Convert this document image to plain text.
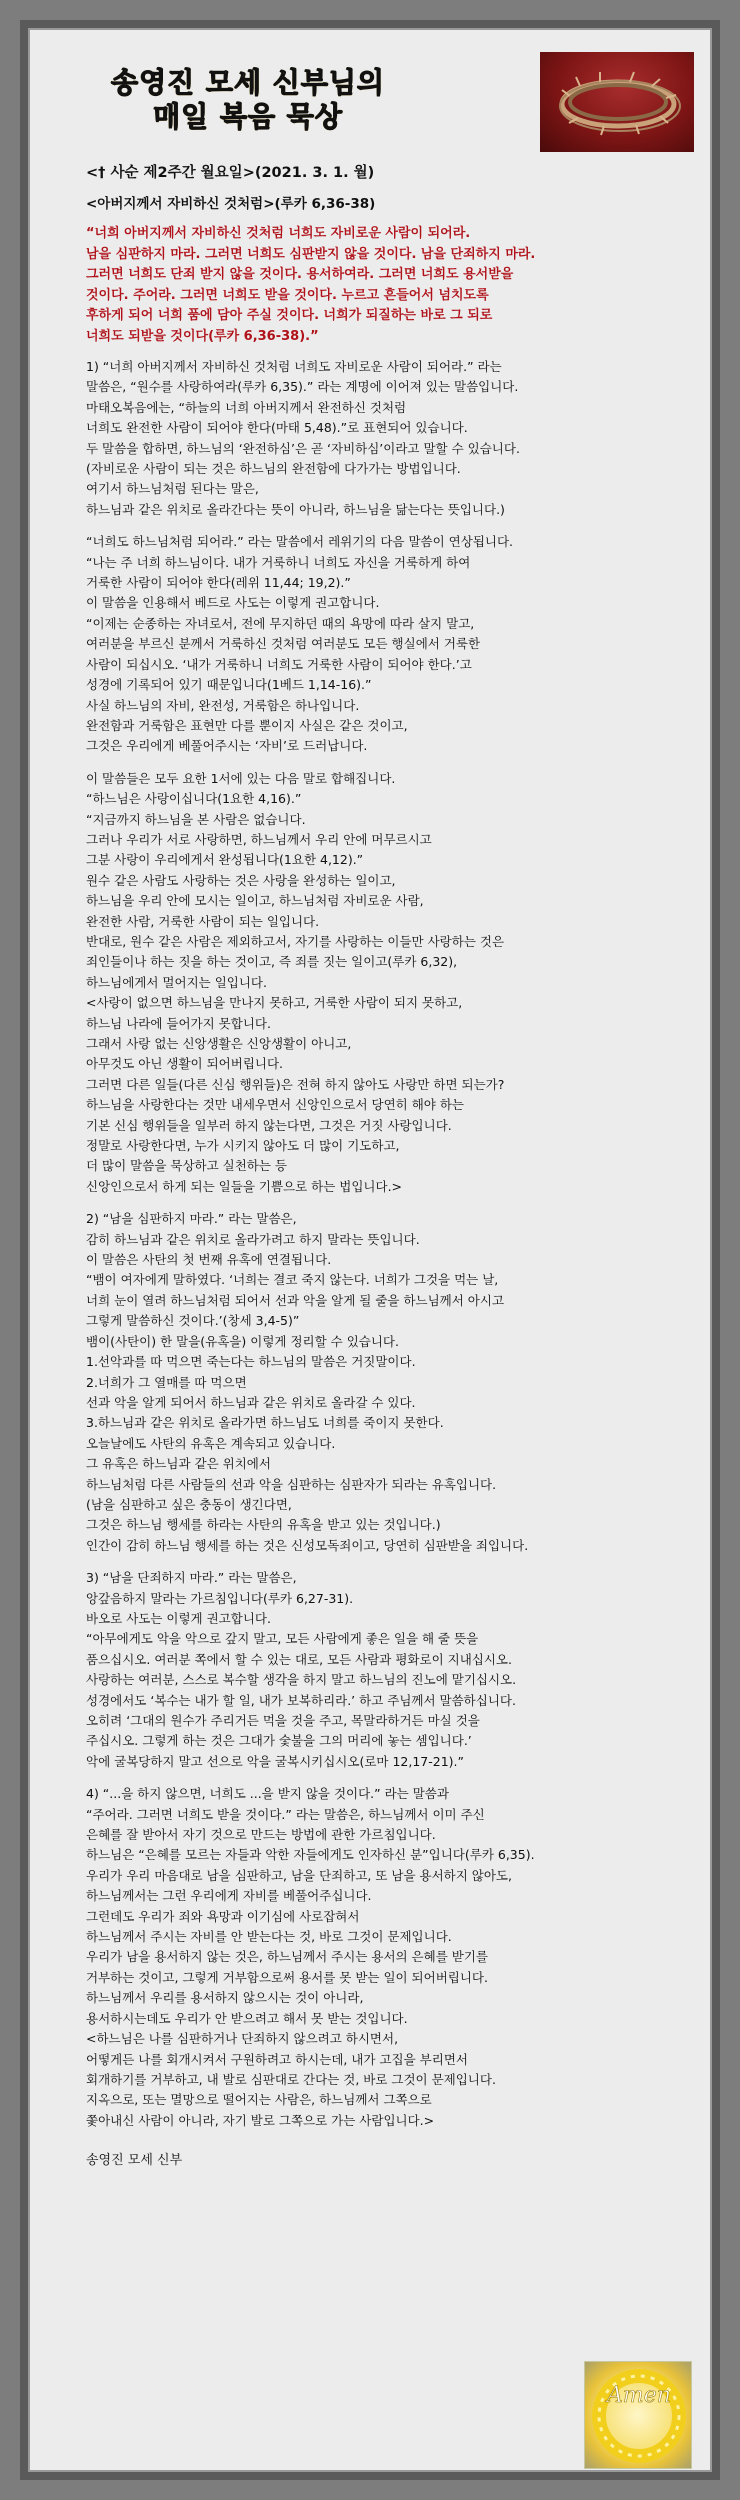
송영진 모세 신부님의
매일 복음 묵상
<† 사순 제2주간 월요일>(2021. 3. 1. 월)
<아버지께서 자비하신 것처럼>(루카 6,36-38)
“너희 아버지께서 자비하신 것처럼 너희도 자비로운 사람이 되어라.
남을 심판하지 마라. 그러면 너희도 심판받지 않을 것이다. 남을 단죄하지 마라.
그러면 너희도 단죄 받지 않을 것이다. 용서하여라. 그러면 너희도 용서받을
것이다. 주어라. 그러면 너희도 받을 것이다. 누르고 흔들어서 넘치도록
후하게 되어 너희 품에 담아 주실 것이다. 너희가 되질하는 바로 그 되로
너희도 되받을 것이다(루카 6,36-38).”
1) “너희 아버지께서 자비하신 것처럼 너희도 자비로운 사람이 되어라.” 라는
말씀은, “원수를 사랑하여라(루카 6,35).” 라는 계명에 이어져 있는 말씀입니다.
마태오복음에는, “하늘의 너희 아버지께서 완전하신 것처럼
너희도 완전한 사람이 되어야 한다(마태 5,48).”로 표현되어 있습니다.
두 말씀을 합하면, 하느님의 ‘완전하심’은 곧 ‘자비하심’이라고 말할 수 있습니다.
(자비로운 사람이 되는 것은 하느님의 완전함에 다가가는 방법입니다.
여기서 하느님처럼 된다는 말은,
하느님과 같은 위치로 올라간다는 뜻이 아니라, 하느님을 닮는다는 뜻입니다.)
“너희도 하느님처럼 되어라.” 라는 말씀에서 레위기의 다음 말씀이 연상됩니다.
“나는 주 너희 하느님이다. 내가 거룩하니 너희도 자신을 거룩하게 하여
거룩한 사람이 되어야 한다(레위 11,44; 19,2).”
이 말씀을 인용해서 베드로 사도는 이렇게 권고합니다.
“이제는 순종하는 자녀로서, 전에 무지하던 때의 욕망에 따라 살지 말고,
여러분을 부르신 분께서 거룩하신 것처럼 여러분도 모든 행실에서 거룩한
사람이 되십시오. ‘내가 거룩하니 너희도 거룩한 사람이 되어야 한다.’고
성경에 기록되어 있기 때문입니다(1베드 1,14-16).”
사실 하느님의 자비, 완전성, 거룩함은 하나입니다.
완전함과 거룩함은 표현만 다를 뿐이지 사실은 같은 것이고,
그것은 우리에게 베풀어주시는 ‘자비’로 드러납니다.
이 말씀들은 모두 요한 1서에 있는 다음 말로 합해집니다.
“하느님은 사랑이십니다(1요한 4,16).”
“지금까지 하느님을 본 사람은 없습니다.
그러나 우리가 서로 사랑하면, 하느님께서 우리 안에 머무르시고
그분 사랑이 우리에게서 완성됩니다(1요한 4,12).”
원수 같은 사람도 사랑하는 것은 사랑을 완성하는 일이고,
하느님을 우리 안에 모시는 일이고, 하느님처럼 자비로운 사람,
완전한 사람, 거룩한 사람이 되는 일입니다.
반대로, 원수 같은 사람은 제외하고서, 자기를 사랑하는 이들만 사랑하는 것은
죄인들이나 하는 짓을 하는 것이고, 즉 죄를 짓는 일이고(루카 6,32),
하느님에게서 멀어지는 일입니다.
<사랑이 없으면 하느님을 만나지 못하고, 거룩한 사람이 되지 못하고,
하느님 나라에 들어가지 못합니다.
그래서 사랑 없는 신앙생활은 신앙생활이 아니고,
아무것도 아닌 생활이 되어버립니다.
그러면 다른 일들(다른 신심 행위들)은 전혀 하지 않아도 사랑만 하면 되는가?
하느님을 사랑한다는 것만 내세우면서 신앙인으로서 당연히 해야 하는
기본 신심 행위들을 일부러 하지 않는다면, 그것은 거짓 사랑입니다.
정말로 사랑한다면, 누가 시키지 않아도 더 많이 기도하고,
더 많이 말씀을 묵상하고 실천하는 등
신앙인으로서 하게 되는 일들을 기쁨으로 하는 법입니다.>
2) “남을 심판하지 마라.” 라는 말씀은,
감히 하느님과 같은 위치로 올라가려고 하지 말라는 뜻입니다.
이 말씀은 사탄의 첫 번째 유혹에 연결됩니다.
“뱀이 여자에게 말하였다. ‘너희는 결코 죽지 않는다. 너희가 그것을 먹는 날,
너희 눈이 열려 하느님처럼 되어서 선과 악을 알게 될 줄을 하느님께서 아시고
그렇게 말씀하신 것이다.’(창세 3,4-5)”
뱀이(사탄이) 한 말을(유혹을) 이렇게 정리할 수 있습니다.
1.선악과를 따 먹으면 죽는다는 하느님의 말씀은 거짓말이다.
2.너희가 그 열매를 따 먹으면
선과 악을 알게 되어서 하느님과 같은 위치로 올라갈 수 있다.
3.하느님과 같은 위치로 올라가면 하느님도 너희를 죽이지 못한다.
오늘날에도 사탄의 유혹은 계속되고 있습니다.
그 유혹은 하느님과 같은 위치에서
하느님처럼 다른 사람들의 선과 악을 심판하는 심판자가 되라는 유혹입니다.
(남을 심판하고 싶은 충동이 생긴다면,
그것은 하느님 행세를 하라는 사탄의 유혹을 받고 있는 것입니다.)
인간이 감히 하느님 행세를 하는 것은 신성모독죄이고, 당연히 심판받을 죄입니다.
3) “남을 단죄하지 마라.” 라는 말씀은,
앙갚음하지 말라는 가르침입니다(루카 6,27-31).
바오로 사도는 이렇게 권고합니다.
“아무에게도 악을 악으로 갚지 말고, 모든 사람에게 좋은 일을 해 줄 뜻을
품으십시오. 여러분 쪽에서 할 수 있는 대로, 모든 사람과 평화로이 지내십시오.
사랑하는 여러분, 스스로 복수할 생각을 하지 말고 하느님의 진노에 맡기십시오.
성경에서도 ‘복수는 내가 할 일, 내가 보복하리라.’ 하고 주님께서 말씀하십니다.
오히려 ‘그대의 원수가 주리거든 먹을 것을 주고, 목말라하거든 마실 것을
주십시오. 그렇게 하는 것은 그대가 숯불을 그의 머리에 놓는 셈입니다.’
악에 굴복당하지 말고 선으로 악을 굴복시키십시오(로마 12,17-21).”
4) “...을 하지 않으면, 너희도 ...을 받지 않을 것이다.” 라는 말씀과
“주어라. 그러면 너희도 받을 것이다.” 라는 말씀은, 하느님께서 이미 주신
은혜를 잘 받아서 자기 것으로 만드는 방법에 관한 가르침입니다.
하느님은 “은혜를 모르는 자들과 악한 자들에게도 인자하신 분”입니다(루카 6,35).
우리가 우리 마음대로 남을 심판하고, 남을 단죄하고, 또 남을 용서하지 않아도,
하느님께서는 그런 우리에게 자비를 베풀어주십니다.
그런데도 우리가 죄와 욕망과 이기심에 사로잡혀서
하느님께서 주시는 자비를 안 받는다는 것, 바로 그것이 문제입니다.
우리가 남을 용서하지 않는 것은, 하느님께서 주시는 용서의 은혜를 받기를
거부하는 것이고, 그렇게 거부함으로써 용서를 못 받는 일이 되어버립니다.
하느님께서 우리를 용서하지 않으시는 것이 아니라,
용서하시는데도 우리가 안 받으려고 해서 못 받는 것입니다.
<하느님은 나를 심판하거나 단죄하지 않으려고 하시면서,
어떻게든 나를 회개시켜서 구원하려고 하시는데, 내가 고집을 부리면서
회개하기를 거부하고, 내 발로 심판대로 간다는 것, 바로 그것이 문제입니다.
지옥으로, 또는 멸망으로 떨어지는 사람은, 하느님께서 그쪽으로
쫓아내신 사람이 아니라, 자기 발로 그쪽으로 가는 사람입니다.>
송영진 모세 신부
Amen
